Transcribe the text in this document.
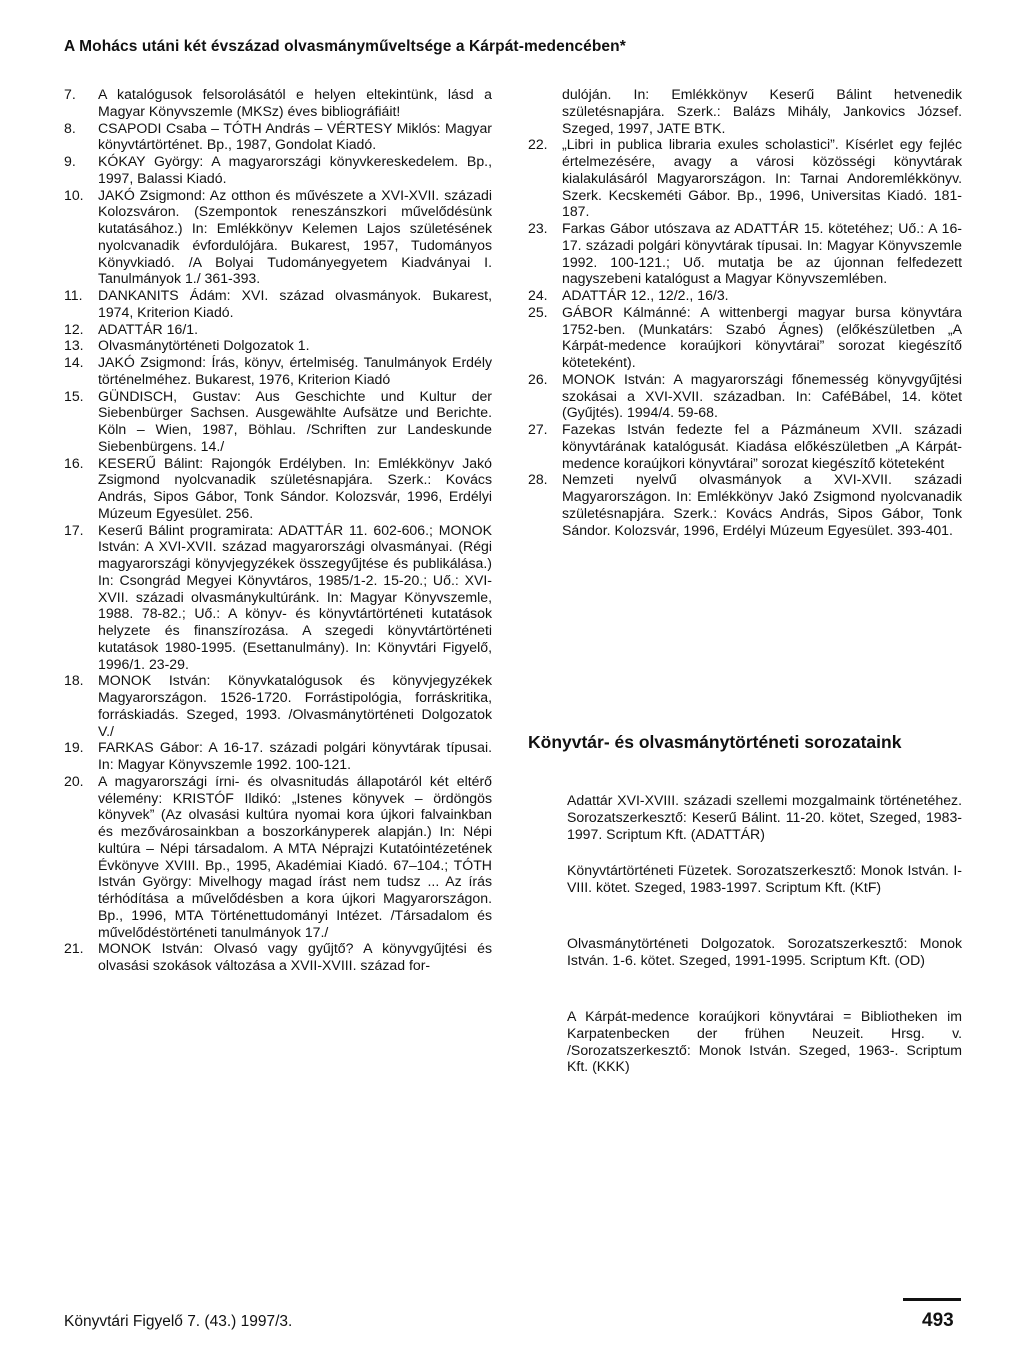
A Mohács utáni két évszázad olvasmányműveltsége a Kárpát-medencében*
7.	A katalógusok felsorolásától e helyen eltekintünk, lásd a Magyar Könyvszemle (MKSz) éves bibliográfiáit!
8.	CSAPODI Csaba – TÓTH András – VÉRTESY Miklós: Magyar könyvtártörténet. Bp., 1987, Gondolat Kiadó.
9.	KÓKAY György: A magyarországi könyvkereskedelem. Bp., 1997, Balassi Kiadó.
10.	JAKÓ Zsigmond: Az otthon és művészete a XVI-XVII. századi Kolozsváron. (Szempontok reneszánszkori művelődésünk kutatásához.) In: Emlékkönyv Kelemen Lajos születésének nyolcvanadik évfordulójára. Bukarest, 1957, Tudományos Könyvkiadó. /A Bolyai Tudományegyetem Kiadványai I. Tanulmányok 1./ 361-393.
11.	DANKANITS Ádám: XVI. század olvasmányok. Bukarest, 1974, Kriterion Kiadó.
12.	ADATTÁR 16/1.
13.	Olvasmánytörténeti Dolgozatok 1.
14.	JAKÓ Zsigmond: Írás, könyv, értelmiség. Tanulmányok Erdély történelméhez. Bukarest, 1976, Kriterion Kiadó
15.	GÜNDISCH, Gustav: Aus Geschichte und Kultur der Siebenbürger Sachsen. Ausgewählte Aufsätze und Berichte. Köln – Wien, 1987, Böhlau. /Schriften zur Landeskunde Siebenbürgens. 14./
16.	KESERŰ Bálint: Rajongók Erdélyben. In: Emlékkönyv Jakó Zsigmond nyolcvanadik születésnapjára. Szerk.: Kovács András, Sipos Gábor, Tonk Sándor. Kolozsvár, 1996, Erdélyi Múzeum Egyesület. 256.
17.	Keserű Bálint programirata: ADATTÁR 11. 602-606.; MONOK István: A XVI-XVII. század magyarországi olvasmányai. (Régi magyarországi könyvjegyzékek összegyűjtése és publikálása.) In: Csongrád Megyei Könyvtáros, 1985/1-2. 15-20.; Uő.: XVI-XVII. századi olvasmánykultúránk. In: Magyar Könyvszemle, 1988. 78-82.; Uő.: A könyv- és könyvtártörténeti kutatások helyzete és finanszírozása. A szegedi könyvtártörténeti kutatások 1980-1995. (Esettanulmány). In: Könyvtári Figyelő, 1996/1. 23-29.
18.	MONOK István: Könyvkatalógusok és könyvjegyzékek Magyarországon. 1526-1720. Forrástipológia, forráskritika, forráskiadás. Szeged, 1993. /Olvasmánytörténeti Dolgozatok V./
19.	FARKAS Gábor: A 16-17. századi polgári könyvtárak típusai. In: Magyar Könyvszemle 1992. 100-121.
20.	A magyarországi írni- és olvasnitudás állapotáról két eltérő vélemény: KRISTÓF Ildikó: „Istenes könyvek – ördöngös könyvek” (Az olvasási kultúra nyomai kora újkori falvainkban és mezővárosainkban a boszorkányperek alapján.) In: Népi kultúra – Népi társadalom. A MTA Néprajzi Kutatóintézetének Évkönyve XVIII. Bp., 1995, Akadémiai Kiadó. 67–104.; TÓTH István György: Mivelhogy magad írást nem tudsz ... Az írás térhódítása a művelődésben a kora újkori Magyarországon. Bp., 1996, MTA Történettudományi Intézet. /Társadalom és művelődéstörténeti tanulmányok 17./
21.	MONOK István: Olvasó vagy gyűjtő? A könyvgyűjtési és olvasási szokások változása a XVII-XVIII. század for-
dulóján. In: Emlékkönyv Keserű Bálint hetvenedik születésnapjára. Szerk.: Balázs Mihály, Jankovics József. Szeged, 1997, JATE BTK.
22.	„Libri in publica libraria exules scholastici”. Kísérlet egy fejléc értelmezésére, avagy a városi közösségi könyvtárak kialakulásáról Magyarországon. In: Tarnai Andoremlékkönyv. Szerk. Kecskeméti Gábor. Bp., 1996, Universitas Kiadó. 181-187.
23.	Farkas Gábor utószava az ADATTÁR 15. kötetéhez; Uő.: A 16-17. századi polgári könyvtárak típusai. In: Magyar Könyvszemle 1992. 100-121.; Uő. mutatja be az újonnan felfedezett nagyszebeni katalógust a Magyar Könyvszemlében.
24.	ADATTÁR 12., 12/2., 16/3.
25.	GÁBOR Kálmánné: A wittenbergi magyar bursa könyvtára 1752-ben. (Munkatárs: Szabó Ágnes) (előkészületben „A Kárpát-medence koraújkori könyvtárai” sorozat kiegészítő köteteként).
26.	MONOK István: A magyarországi főnemesség könyvgyűjtési szokásai a XVI-XVII. században. In: CaféBábel, 14. kötet (Gyűjtés). 1994/4. 59-68.
27.	Fazekas István fedezte fel a Pázmáneum XVII. századi könyvtárának katalógusát. Kiadása előkészületben „A Kárpát-medence koraújkori könyvtárai” sorozat kiegészítő köteteként
28.	Nemzeti nyelvű olvasmányok a XVI-XVII. századi Magyarországon. In: Emlékkönyv Jakó Zsigmond nyolcvanadik születésnapjára. Szerk.: Kovács András, Sipos Gábor, Tonk Sándor. Kolozsvár, 1996, Erdélyi Múzeum Egyesület. 393-401.
Könyvtár- és olvasmánytörténeti sorozataink
Adattár XVI-XVIII. századi szellemi mozgalmaink történetéhez. Sorozatszerkesztő: Keserű Bálint. 11-20. kötet, Szeged, 1983-1997. Scriptum Kft. (ADATTÁR)
Könyvtártörténeti Füzetek. Sorozatszerkesztő: Monok István. I-VIII. kötet. Szeged, 1983-1997. Scriptum Kft. (KtF)
Olvasmánytörténeti Dolgozatok. Sorozatszerkesztő: Monok István. 1-6. kötet. Szeged, 1991-1995. Scriptum Kft. (OD)
A Kárpát-medence koraújkori könyvtárai = Bibliotheken im Karpatenbecken der frühen Neuzeit. Hrsg. v. /Sorozatszerkesztő: Monok István. Szeged, 1963-. Scriptum Kft. (KKK)
Könyvtári Figyelő 7. (43.) 1997/3.	493
